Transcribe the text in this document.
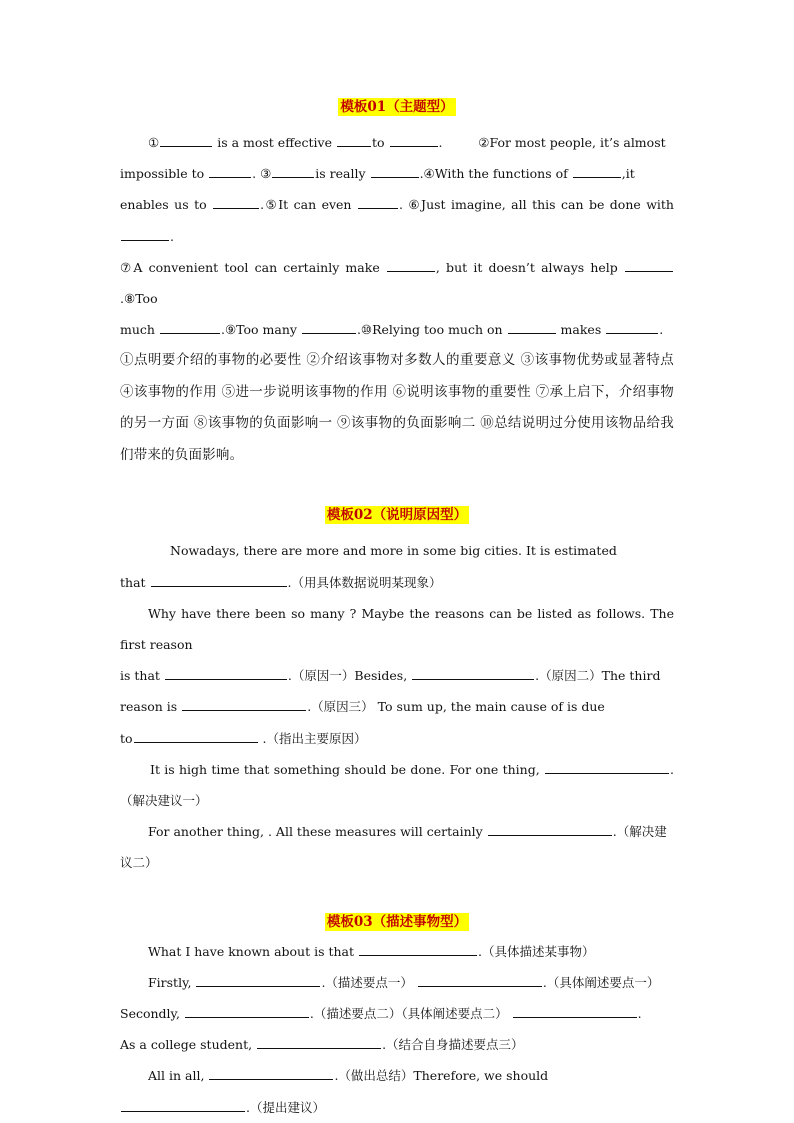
模板01（主题型）

①	is a most effective	to	.	②For most people, it’s almost

impossible to	. ③	is really	.④With the functions of	,it

enables us to	.⑤It can even	. ⑥Just imagine, all this can be done with .

⑦A convenient tool can certainly make	, but it doesn’t always help .⑧Too

much	.⑨Too many	.⑩Relying too much on	makes	.

①点明要介绍的事物的必要性 ②介绍该事物对多数人的重要意义 ③该事物优势或显著特点 ④该事物的作用 ⑤进一步说明该事物的作用 ⑥说明该事物的重要性 ⑦承上启下，介绍事物的另一方面 ⑧该事物的负面影响一 ⑨该事物的负面影响二 ⑩总结说明过分使用该物品给我们带来的负面影响。

模板02（说明原因型）

Nowadays, there are more and more in some big cities. It is estimated

that	.（用具体数据说明某现象）

Why have there been so many ? Maybe the reasons can be listed as follows. The first reason

is that	.（原因一）Besides,	.（原因二）The third

reason is	.（原因三） To sum up, the main cause of is due

to	.（指出主要原因）

It is high time that something should be done. For one thing,	.（解决建议一）

For another thing, . All these measures will certainly	.（解决建议二）

模板03（描述事物型）

What I have known about is that	.（具体描述某事物）

Firstly,	.（描述要点一）	.（具体阐述要点一）

Secondly,	.（描述要点二）（具体阐述要点二）	.

As a college student,	.（结合自身描述要点三）

All in all,	.（做出总结）Therefore, we should .（提出建议）
